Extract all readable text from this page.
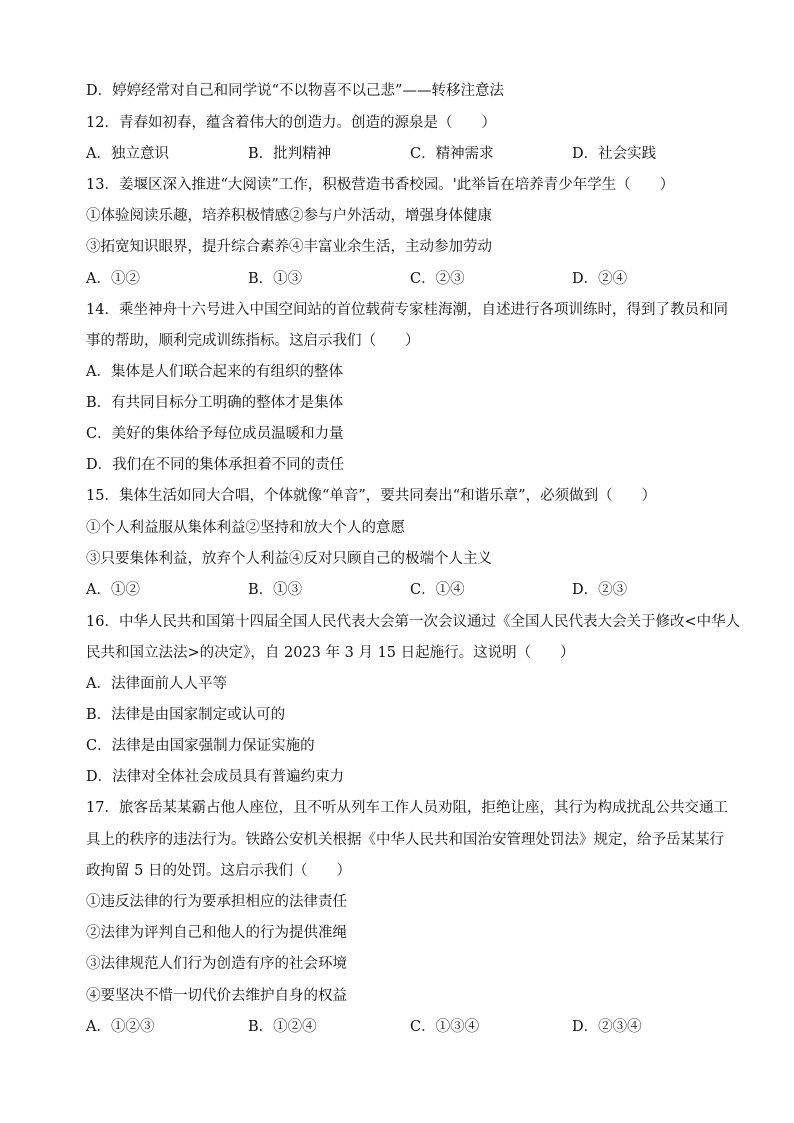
D．婷婷经常对自己和同学说“不以物喜不以己悲”——转移注意法
12．青春如初春，蕴含着伟大的创造力。创造的源泉是（　　）
A．独立意识	B．批判精神	C．精神需求	D．社会实践
13．姜堰区深入推进“大阅读”工作，积极营造书香校园。'此举旨在培养青少年学生（　　）
①体验阅读乐趣，培养积极情感②参与户外活动，增强身体健康
③拓宽知识眼界，提升综合素养④丰富业余生活，主动参加劳动
A．①②	B．①③	C．②③	D．②④
14．乘坐神舟十六号进入中国空间站的首位载荷专家桂海潮，自述进行各项训练时，得到了教员和同
事的帮助，顺利完成训练指标。这启示我们（　　）
A．集体是人们联合起来的有组织的整体
B．有共同目标分工明确的整体才是集体
C．美好的集体给予每位成员温暖和力量
D．我们在不同的集体承担着不同的责任
15．集体生活如同大合唱，个体就像“单音”，要共同奏出“和谐乐章”，必须做到（　　）
①个人利益服从集体利益②坚持和放大个人的意愿
③只要集体利益，放弃个人利益④反对只顾自己的极端个人主义
A．①②	B．①③	C．①④	D．②③
16．中华人民共和国第十四届全国人民代表大会第一次会议通过《全国人民代表大会关于修改<中华人
民共和国立法法>的决定》，自 2023 年 3 月 15 日起施行。这说明（　　）
A．法律面前人人平等
B．法律是由国家制定或认可的
C．法律是由国家强制力保证实施的
D．法律对全体社会成员具有普遍约束力
17．旅客岳某某霸占他人座位，且不听从列车工作人员劝阻，拒绝让座，其行为构成扰乱公共交通工
具上的秩序的违法行为。铁路公安机关根据《中华人民共和国治安管理处罚法》规定，给予岳某某行
政拘留 5 日的处罚。这启示我们（　　）
①违反法律的行为要承担相应的法律责任
②法律为评判自己和他人的行为提供准绳
③法律规范人们行为创造有序的社会环境
④要坚决不惜一切代价去维护自身的权益
A．①②③	B．①②④	C．①③④	D．②③④
